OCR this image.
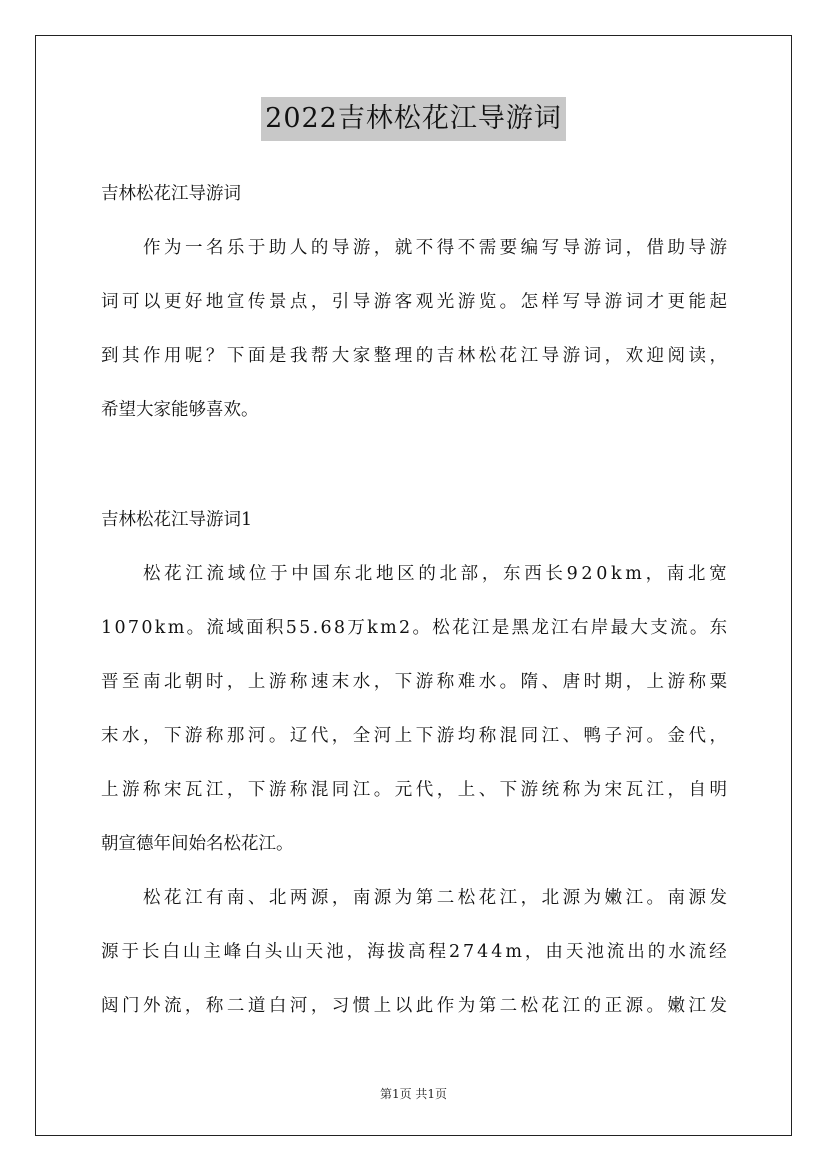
2022吉林松花江导游词
吉林松花江导游词
作为一名乐于助人的导游，就不得不需要编写导游词，借助导游
词可以更好地宣传景点，引导游客观光游览。怎样写导游词才更能起
到其作用呢？下面是我帮大家整理的吉林松花江导游词，欢迎阅读，
希望大家能够喜欢。
吉林松花江导游词1
松花江流域位于中国东北地区的北部，东西长920km，南北宽
1070km。流域面积55.68万km2。松花江是黑龙江右岸最大支流。东
晋至南北朝时，上游称速末水，下游称难水。隋、唐时期，上游称粟
末水，下游称那河。辽代，全河上下游均称混同江、鸭子河。金代，
上游称宋瓦江，下游称混同江。元代，上、下游统称为宋瓦江，自明
朝宣德年间始名松花江。
松花江有南、北两源，南源为第二松花江，北源为嫩江。南源发
源于长白山主峰白头山天池，海拔高程2744m，由天池流出的水流经
闼门外流，称二道白河，习惯上以此作为第二松花江的正源。嫩江发
第1页 共1页
